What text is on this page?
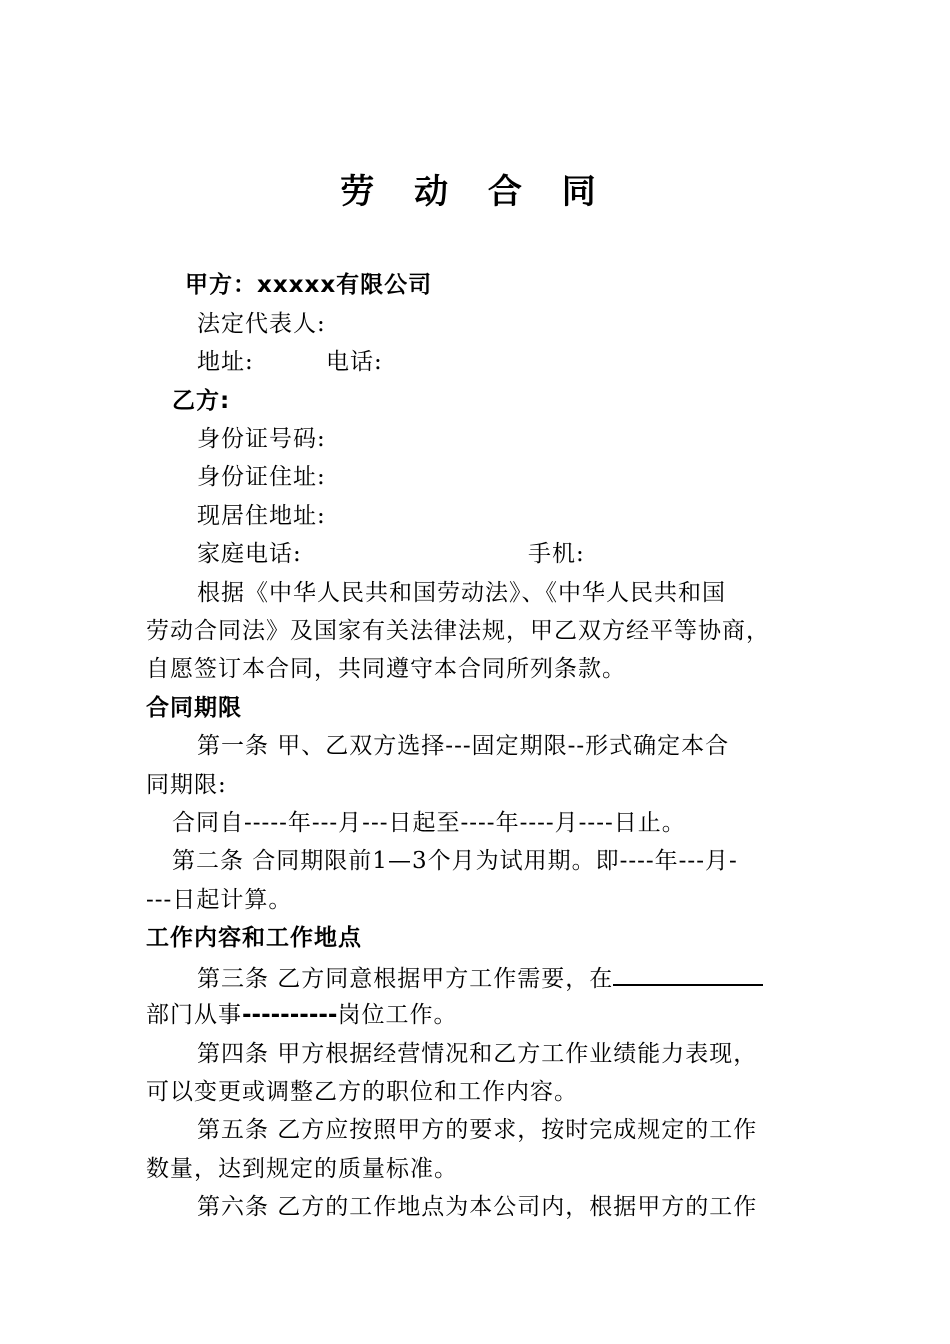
劳 动 合 同
甲方：xxxxx有限公司
法定代表人:
地址:	电话:
乙方:
身份证号码:
身份证住址:
现居住地址:
家庭电话:	手机:
根据《中华人民共和国劳动法》、《中华人民共和国
劳动合同法》及国家有关法律法规，甲乙双方经平等协商，
自愿签订本合同，共同遵守本合同所列条款。
合同期限
第一条 甲、乙双方选择---固定期限--形式确定本合
同期限:
合同自-----年---月---日起至----年----月----日止。
第二条 合同期限前1—3个月为试用期。即----年---月-
---日起计算。
工作内容和工作地点
第三条 乙方同意根据甲方工作需要，在
部门从事----------岗位工作。
第四条 甲方根据经营情况和乙方工作业绩能力表现，
可以变更或调整乙方的职位和工作内容。
第五条 乙方应按照甲方的要求，按时完成规定的工作
数量，达到规定的质量标准。
第六条 乙方的工作地点为本公司内，根据甲方的工作
